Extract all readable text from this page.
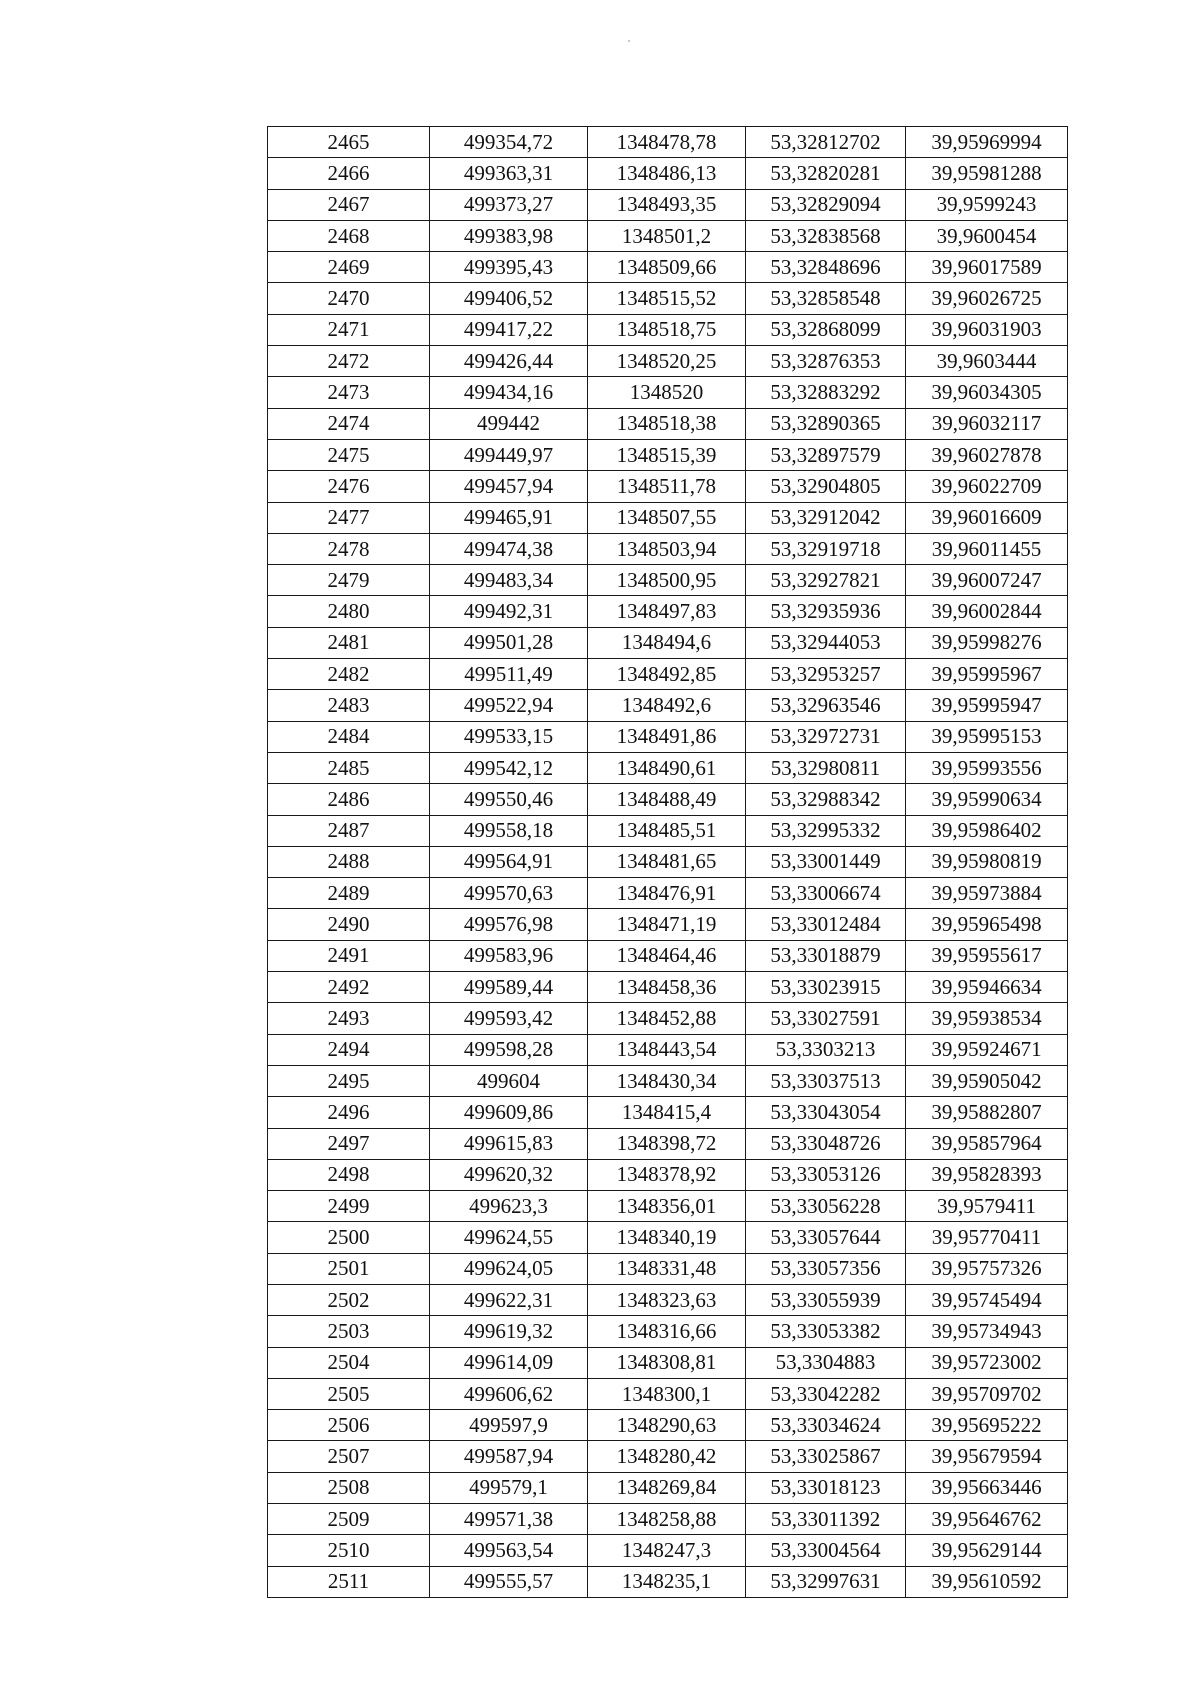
2465	499354,72	1348478,78	53,32812702	39,95969994
2466	499363,31	1348486,13	53,32820281	39,95981288
2467	499373,27	1348493,35	53,32829094	39,9599243
2468	499383,98	1348501,2	53,32838568	39,9600454
2469	499395,43	1348509,66	53,32848696	39,96017589
2470	499406,52	1348515,52	53,32858548	39,96026725
2471	499417,22	1348518,75	53,32868099	39,96031903
2472	499426,44	1348520,25	53,32876353	39,9603444
2473	499434,16	1348520	53,32883292	39,96034305
2474	499442	1348518,38	53,32890365	39,96032117
2475	499449,97	1348515,39	53,32897579	39,96027878
2476	499457,94	1348511,78	53,32904805	39,96022709
2477	499465,91	1348507,55	53,32912042	39,96016609
2478	499474,38	1348503,94	53,32919718	39,96011455
2479	499483,34	1348500,95	53,32927821	39,96007247
2480	499492,31	1348497,83	53,32935936	39,96002844
2481	499501,28	1348494,6	53,32944053	39,95998276
2482	499511,49	1348492,85	53,32953257	39,95995967
2483	499522,94	1348492,6	53,32963546	39,95995947
2484	499533,15	1348491,86	53,32972731	39,95995153
2485	499542,12	1348490,61	53,32980811	39,95993556
2486	499550,46	1348488,49	53,32988342	39,95990634
2487	499558,18	1348485,51	53,32995332	39,95986402
2488	499564,91	1348481,65	53,33001449	39,95980819
2489	499570,63	1348476,91	53,33006674	39,95973884
2490	499576,98	1348471,19	53,33012484	39,95965498
2491	499583,96	1348464,46	53,33018879	39,95955617
2492	499589,44	1348458,36	53,33023915	39,95946634
2493	499593,42	1348452,88	53,33027591	39,95938534
2494	499598,28	1348443,54	53,3303213	39,95924671
2495	499604	1348430,34	53,33037513	39,95905042
2496	499609,86	1348415,4	53,33043054	39,95882807
2497	499615,83	1348398,72	53,33048726	39,95857964
2498	499620,32	1348378,92	53,33053126	39,95828393
2499	499623,3	1348356,01	53,33056228	39,9579411
2500	499624,55	1348340,19	53,33057644	39,95770411
2501	499624,05	1348331,48	53,33057356	39,95757326
2502	499622,31	1348323,63	53,33055939	39,95745494
2503	499619,32	1348316,66	53,33053382	39,95734943
2504	499614,09	1348308,81	53,3304883	39,95723002
2505	499606,62	1348300,1	53,33042282	39,95709702
2506	499597,9	1348290,63	53,33034624	39,95695222
2507	499587,94	1348280,42	53,33025867	39,95679594
2508	499579,1	1348269,84	53,33018123	39,95663446
2509	499571,38	1348258,88	53,33011392	39,95646762
2510	499563,54	1348247,3	53,33004564	39,95629144
2511	499555,57	1348235,1	53,32997631	39,95610592
